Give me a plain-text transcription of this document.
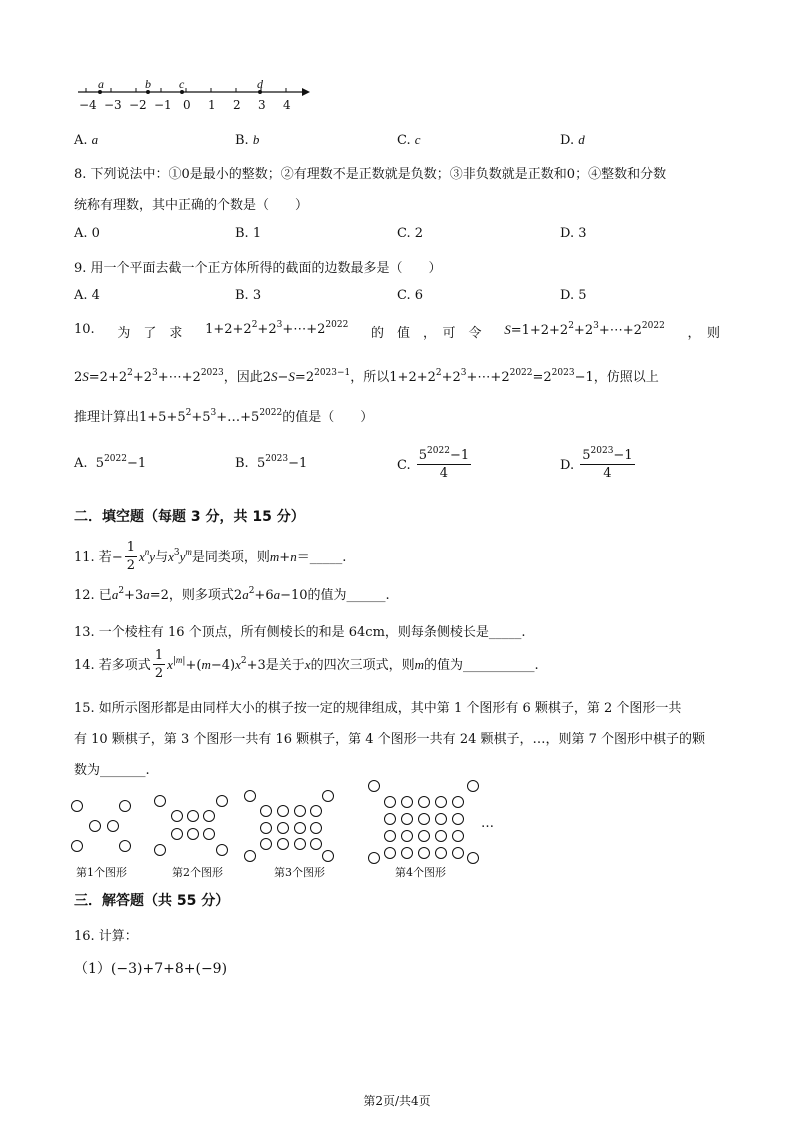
a	b c	d
−4 −3 −2 −1 0 1 2 3 4
A. a	B. b	C. c	D. d
8. 下列说法中：①0是最小的整数；②有理数不是正数就是负数；③非负数就是正数和0；④整数和分数
统称有理数，其中正确的个数是（　　）
A. 0	B. 1	C. 2	D. 3
9. 用一个平面去截一个正方体所得的截面的边数最多是（　　）
A. 4	B. 3	C. 6	D. 5
10. 为　了　求 $1+2+2^2+2^3+\cdots+2^{2022}$
的　值　，　可　令 $S=1+2+2^2+2^3+\cdots+2^{2022}$ ，　则
$2S=2+2^2+2^3+\cdots+2^{2023}$，因此$2S-S=2^{2023-1}$，所以$1+2+2^2+2^3+\cdots+2^{2022}=2^{2023}-1$，仿照以上
推理计算出$1+5+5^2+5^3+\dots+5^{2022}$的值是（　　）
A.  $5^{2022}-1$	B.  $5^{2023}-1$	C. $\frac{5^{2022}-1}{4}$	D. $\frac{5^{2023}-1}{4}$
二．填空题（每题 3 分，共 15 分）
11. 若− $\frac{1}{2} x^ny$与$x^3y^m$是同类项，则m+n＝_____.
12. 已$a^2+3a=2$，则多项式$2a^2+6a-10$的值为______.
13. 一个棱柱有 16 个顶点，所有侧棱长的和是 64cm，则每条侧棱长是_____.
14. 若多项式 $\frac{1}{2} x^{|m|}+(m-4)x^2+3$是关于x的四次三项式，则m的值为___________.
15. 如所示图形都是由同样大小的棋子按一定的规律组成，其中第 1 个图形有 6 颗棋子，第 2 个图形一共
有 10 颗棋子，第 3 个图形一共有 16 颗棋子，第 4 个图形一共有 24 颗棋子，…，则第 7 个图形中棋子的颗
数为_______.
…
第1个图形	第2个图形	第3个图形	第4个图形
三．解答题（共 55 分）
16. 计算：
（1）(−3)+7+8+(−9)
第2页/共4页
